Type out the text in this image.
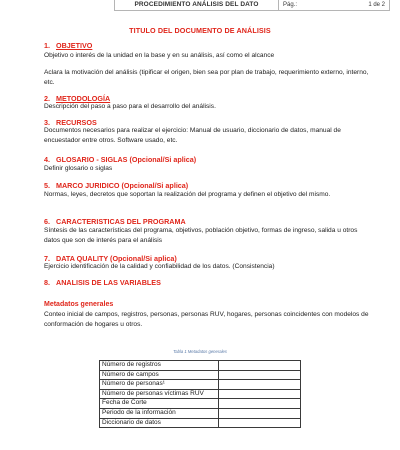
PROCEDIMIENTO ANÁLISIS DEL DATO	Pág.:	1 de 2
TITULO DEL DOCUMENTO DE ANÁLISIS
1. OBJETIVO
Objetivo o interés de la unidad en la base y en su análisis, así como el alcance
Aclara la motivación del análisis (tipificar el origen, bien sea por plan de trabajo, requerimiento externo, interno, etc.
2. METODOLOGÍA
Descripción del paso a paso para el desarrollo del análisis.
3. RECURSOS
Documentos necesarios para realizar el ejercicio: Manual de usuario, diccionario de datos, manual de encuestador entre otros. Software usado, etc.
4. GLOSARIO - SIGLAS (Opcional/Si aplica)
Definir glosario o siglas
5. MARCO JURIDICO (Opcional/Si aplica)
Normas, leyes, decretos que soportan la realización del programa y definen el objetivo del mismo.
6. CARACTERISTICAS DEL PROGRAMA
Síntesis de las características del programa, objetivos, población objetivo, formas de ingreso, salida u otros datos que son de interés para el análisis
7. DATA QUALITY (Opcional/Si aplica)
Ejercicio identificación de la calidad y confiabilidad de los datos. (Consistencia)
8. ANALISIS DE LAS VARIABLES
Metadatos generales
Conteo inicial de campos, registros, personas, personas RUV, hogares, personas coincidentes con modelos de conformación de hogares u otros.
Tabla 1 Metadatos generales
Número de registros	
Número de campos	
Número de personas¹	
Número de personas víctimas RUV	
Fecha de Corte	
Periodo de la información	
Diccionario de datos	
